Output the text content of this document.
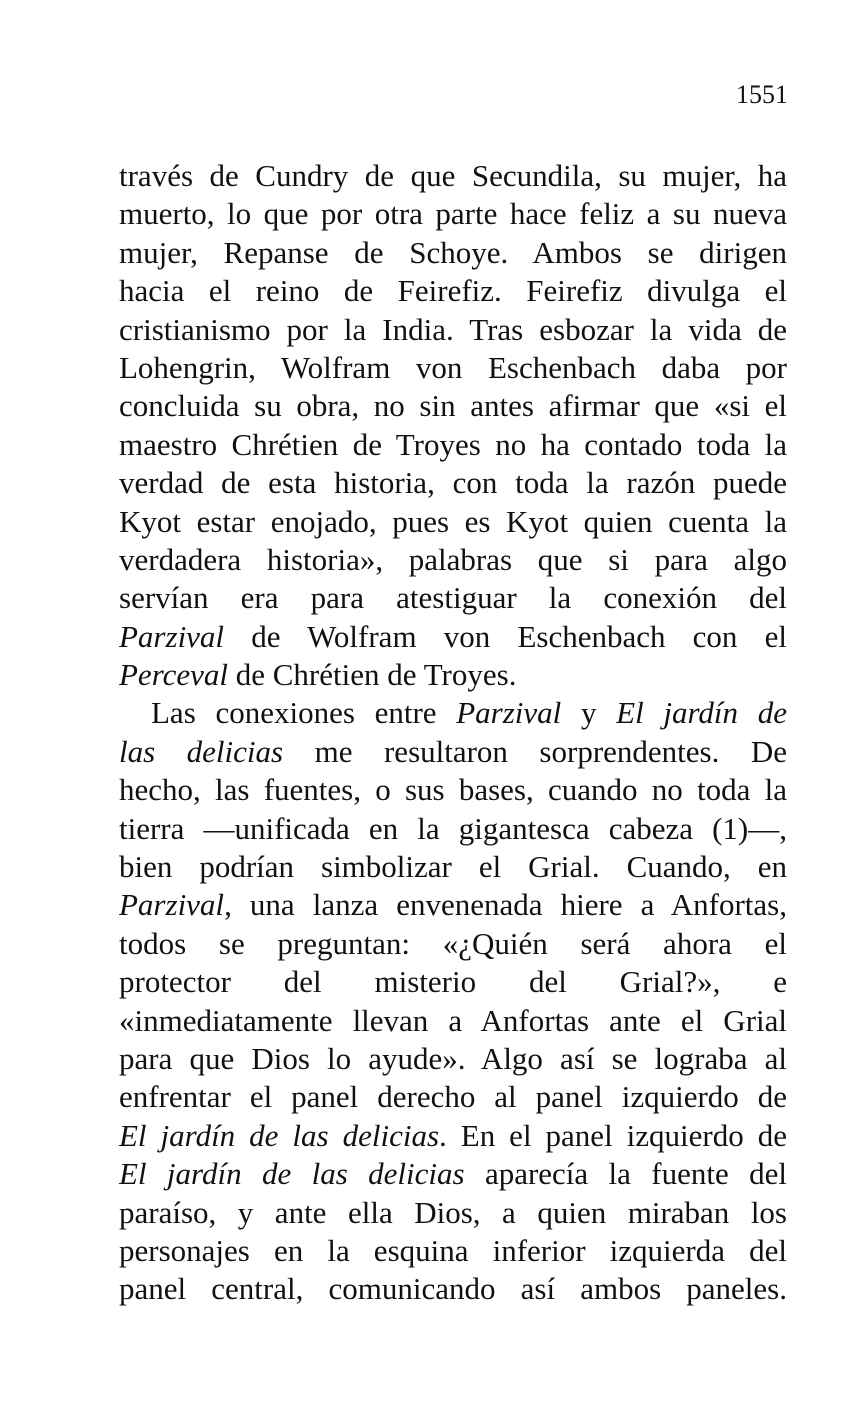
1551
través de Cundry de que Secundila, su mujer, ha
muerto, lo que por otra parte hace feliz a su nueva
mujer, Repanse de Schoye. Ambos se dirigen
hacia el reino de Feirefiz. Feirefiz divulga el
cristianismo por la India. Tras esbozar la vida de
Lohengrin, Wolfram von Eschenbach daba por
concluida su obra, no sin antes afirmar que «si el
maestro Chrétien de Troyes no ha contado toda la
verdad de esta historia, con toda la razón puede
Kyot estar enojado, pues es Kyot quien cuenta la
verdadera historia», palabras que si para algo
servían era para atestiguar la conexión del
Parzival de Wolfram von Eschenbach con el
Perceval de Chrétien de Troyes.
Las conexiones entre Parzival y El jardín de
las delicias me resultaron sorprendentes. De
hecho, las fuentes, o sus bases, cuando no toda la
tierra —unificada en la gigantesca cabeza (1)—,
bien podrían simbolizar el Grial. Cuando, en
Parzival, una lanza envenenada hiere a Anfortas,
todos se preguntan: «¿Quién será ahora el
protector del misterio del Grial?», e
«inmediatamente llevan a Anfortas ante el Grial
para que Dios lo ayude». Algo así se lograba al
enfrentar el panel derecho al panel izquierdo de
El jardín de las delicias. En el panel izquierdo de
El jardín de las delicias aparecía la fuente del
paraíso, y ante ella Dios, a quien miraban los
personajes en la esquina inferior izquierda del
panel central, comunicando así ambos paneles.
